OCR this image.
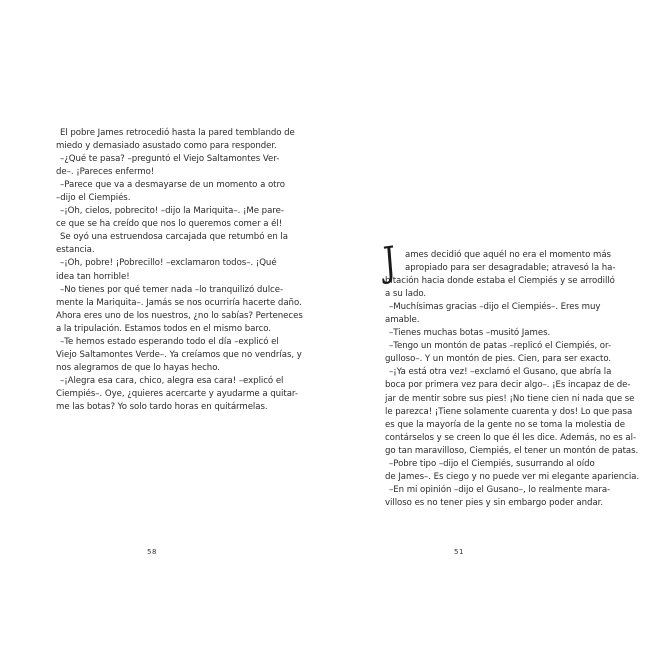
El pobre James retrocedió hasta la pared temblando de
miedo y demasiado asustado como para responder.
–¿Qué te pasa? –preguntó el Viejo Saltamontes Ver-
de–. ¡Pareces enfermo!
–Parece que va a desmayarse de un momento a otro
–dijo el Ciempiés.
–¡Oh, cielos, pobrecito! –dijo la Mariquita–. ¡Me pare-
ce que se ha creído que nos lo queremos comer a él!
Se oyó una estruendosa carcajada que retumbó en la
estancia.
–¡Oh, pobre! ¡Pobrecillo! –exclamaron todos–. ¡Qué
idea tan horrible!
–No tienes por qué temer nada –lo tranquilizó dulce-
mente la Mariquita–. Jamás se nos ocurriría hacerte daño.
Ahora eres uno de los nuestros, ¿no lo sabías? Perteneces
a la tripulación. Estamos todos en el mismo barco.
–Te hemos estado esperando todo el día –explicó el
Viejo Saltamontes Verde–. Ya creíamos que no vendrías, y
nos alegramos de que lo hayas hecho.
–¡Alegra esa cara, chico, alegra esa cara! –explicó el
Ciempiés–. Oye, ¿quieres acercarte y ayudarme a quitar-
me las botas? Yo solo tardo horas en quitármelas.
58
J ames decidió que aquél no era el momento más
apropiado para ser desagradable; atravesó la ha-
bitación hacia donde estaba el Ciempiés y se arrodilló
a su lado.
–Muchísimas gracias –dijo el Ciempiés–. Eres muy
amable.
–Tienes muchas botas –musitó James.
–Tengo un montón de patas –replicó el Ciempiés, or-
gulloso–. Y un montón de pies. Cien, para ser exacto.
–¡Ya está otra vez! –exclamó el Gusano, que abría la
boca por primera vez para decir algo–. ¡Es incapaz de de-
jar de mentir sobre sus pies! ¡No tiene cien ni nada que se
le parezca! ¡Tiene solamente cuarenta y dos! Lo que pasa
es que la mayoría de la gente no se toma la molestia de
contárselos y se creen lo que él les dice. Además, no es al-
go tan maravilloso, Ciempiés, el tener un montón de patas.
–Pobre tipo –dijo el Ciempiés, susurrando al oído
de James–. Es ciego y no puede ver mi elegante apariencia.
–En mi opinión –dijo el Gusano–, lo realmente mara-
villoso es no tener pies y sin embargo poder andar.
51
